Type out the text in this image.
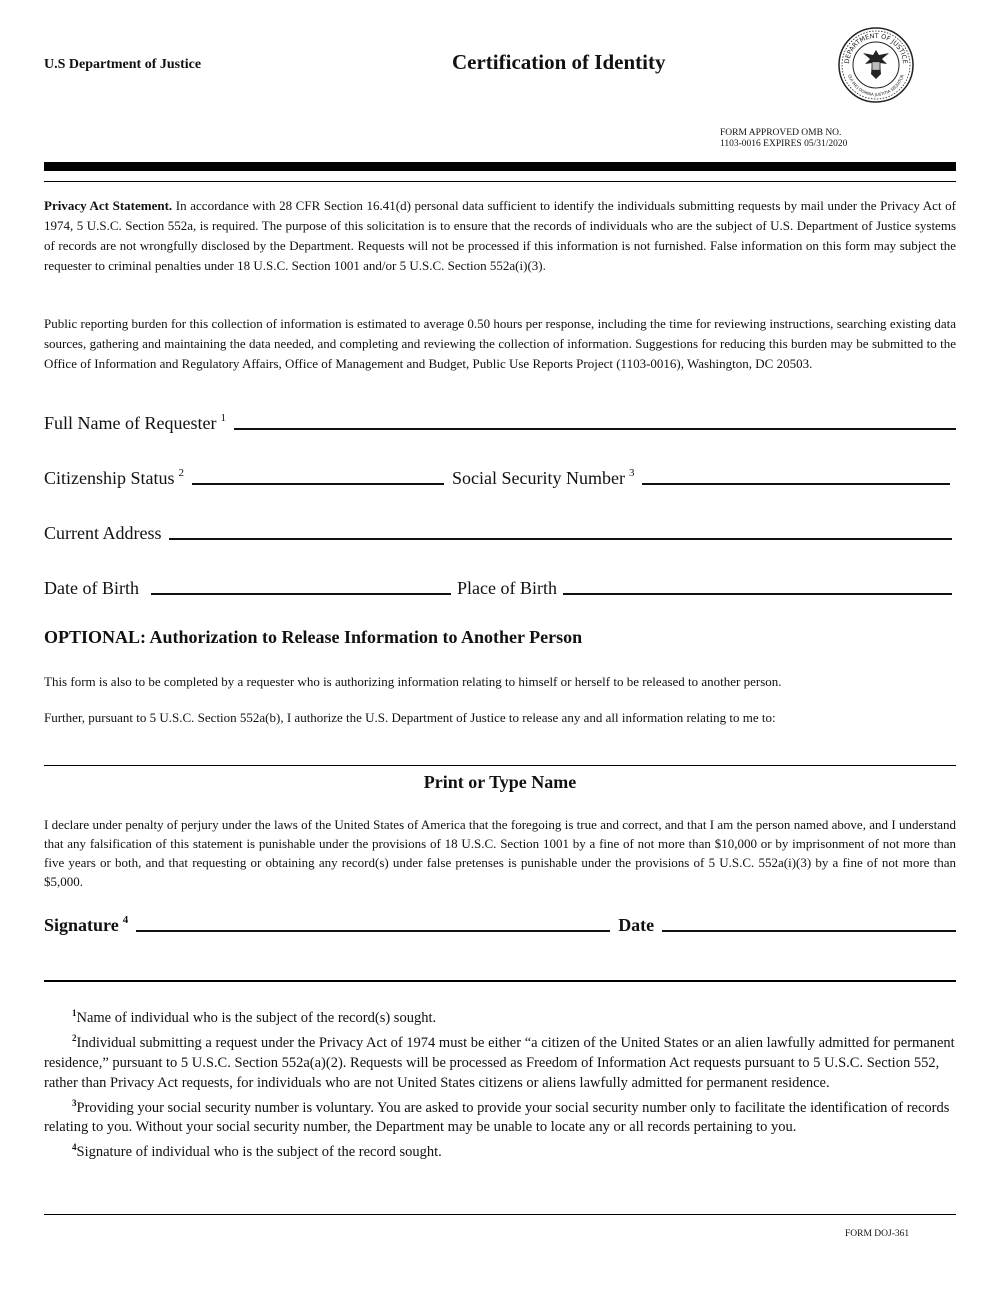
U.S Department of Justice	Certification of Identity	DEPARTMENT OF JUSTICE
QUI PRO DOMINA JUSTITIA SEQUITUR
FORM APPROVED OMB NO.
1103-0016 EXPIRES 05/31/2020
Privacy Act Statement. In accordance with 28 CFR Section 16.41(d) personal data sufficient to identify the individuals submitting requests by mail under the Privacy Act of 1974, 5 U.S.C. Section 552a, is required. The purpose of this solicitation is to ensure that the records of individuals who are the subject of U.S. Department of Justice systems of records are not wrongfully disclosed by the Department. Requests will not be processed if this information is not furnished. False information on this form may subject the requester to criminal penalties under 18 U.S.C. Section 1001 and/or 5 U.S.C. Section 552a(i)(3).
Public reporting burden for this collection of information is estimated to average 0.50 hours per response, including the time for reviewing instructions, searching existing data sources, gathering and maintaining the data needed, and completing and reviewing the collection of information. Suggestions for reducing this burden may be submitted to the Office of Information and Regulatory Affairs, Office of Management and Budget, Public Use Reports Project (1103-0016), Washington, DC 20503.
Full Name of Requester $^1$
Citizenship Status $^2$	Social Security Number $^3$
Current Address
Date of Birth	Place of Birth
OPTIONAL: Authorization to Release Information to Another Person
This form is also to be completed by a requester who is authorizing information relating to himself or herself to be released to another person.
Further, pursuant to 5 U.S.C. Section 552a(b), I authorize the U.S. Department of Justice to release any and all information relating to me to:
Print or Type Name
I declare under penalty of perjury under the laws of the United States of America that the foregoing is true and correct, and that I am the person named above, and I understand that any falsification of this statement is punishable under the provisions of 18 U.S.C. Section 1001 by a fine of not more than $10,000 or by imprisonment of not more than five years or both, and that requesting or obtaining any record(s) under false pretenses is punishable under the provisions of 5 U.S.C. 552a(i)(3) by a fine of not more than $5,000.
Signature $^4$	Date

$^1$Name of individual who is the subject of the record(s) sought.

$^2$Individual submitting a request under the Privacy Act of 1974 must be either “a citizen of the United States or an alien lawfully admitted for permanent residence,” pursuant to 5 U.S.C. Section 552a(a)(2). Requests will be processed as Freedom of Information Act requests pursuant to 5 U.S.C. Section 552, rather than Privacy Act requests, for individuals who are not United States citizens or aliens lawfully admitted for permanent residence.

$^3$Providing your social security number is voluntary. You are asked to provide your social security number only to facilitate the identification of records relating to you. Without your social security number, the Department may be unable to locate any or all records pertaining to you.

$^4$Signature of individual who is the subject of the record sought.

FORM DOJ-361
